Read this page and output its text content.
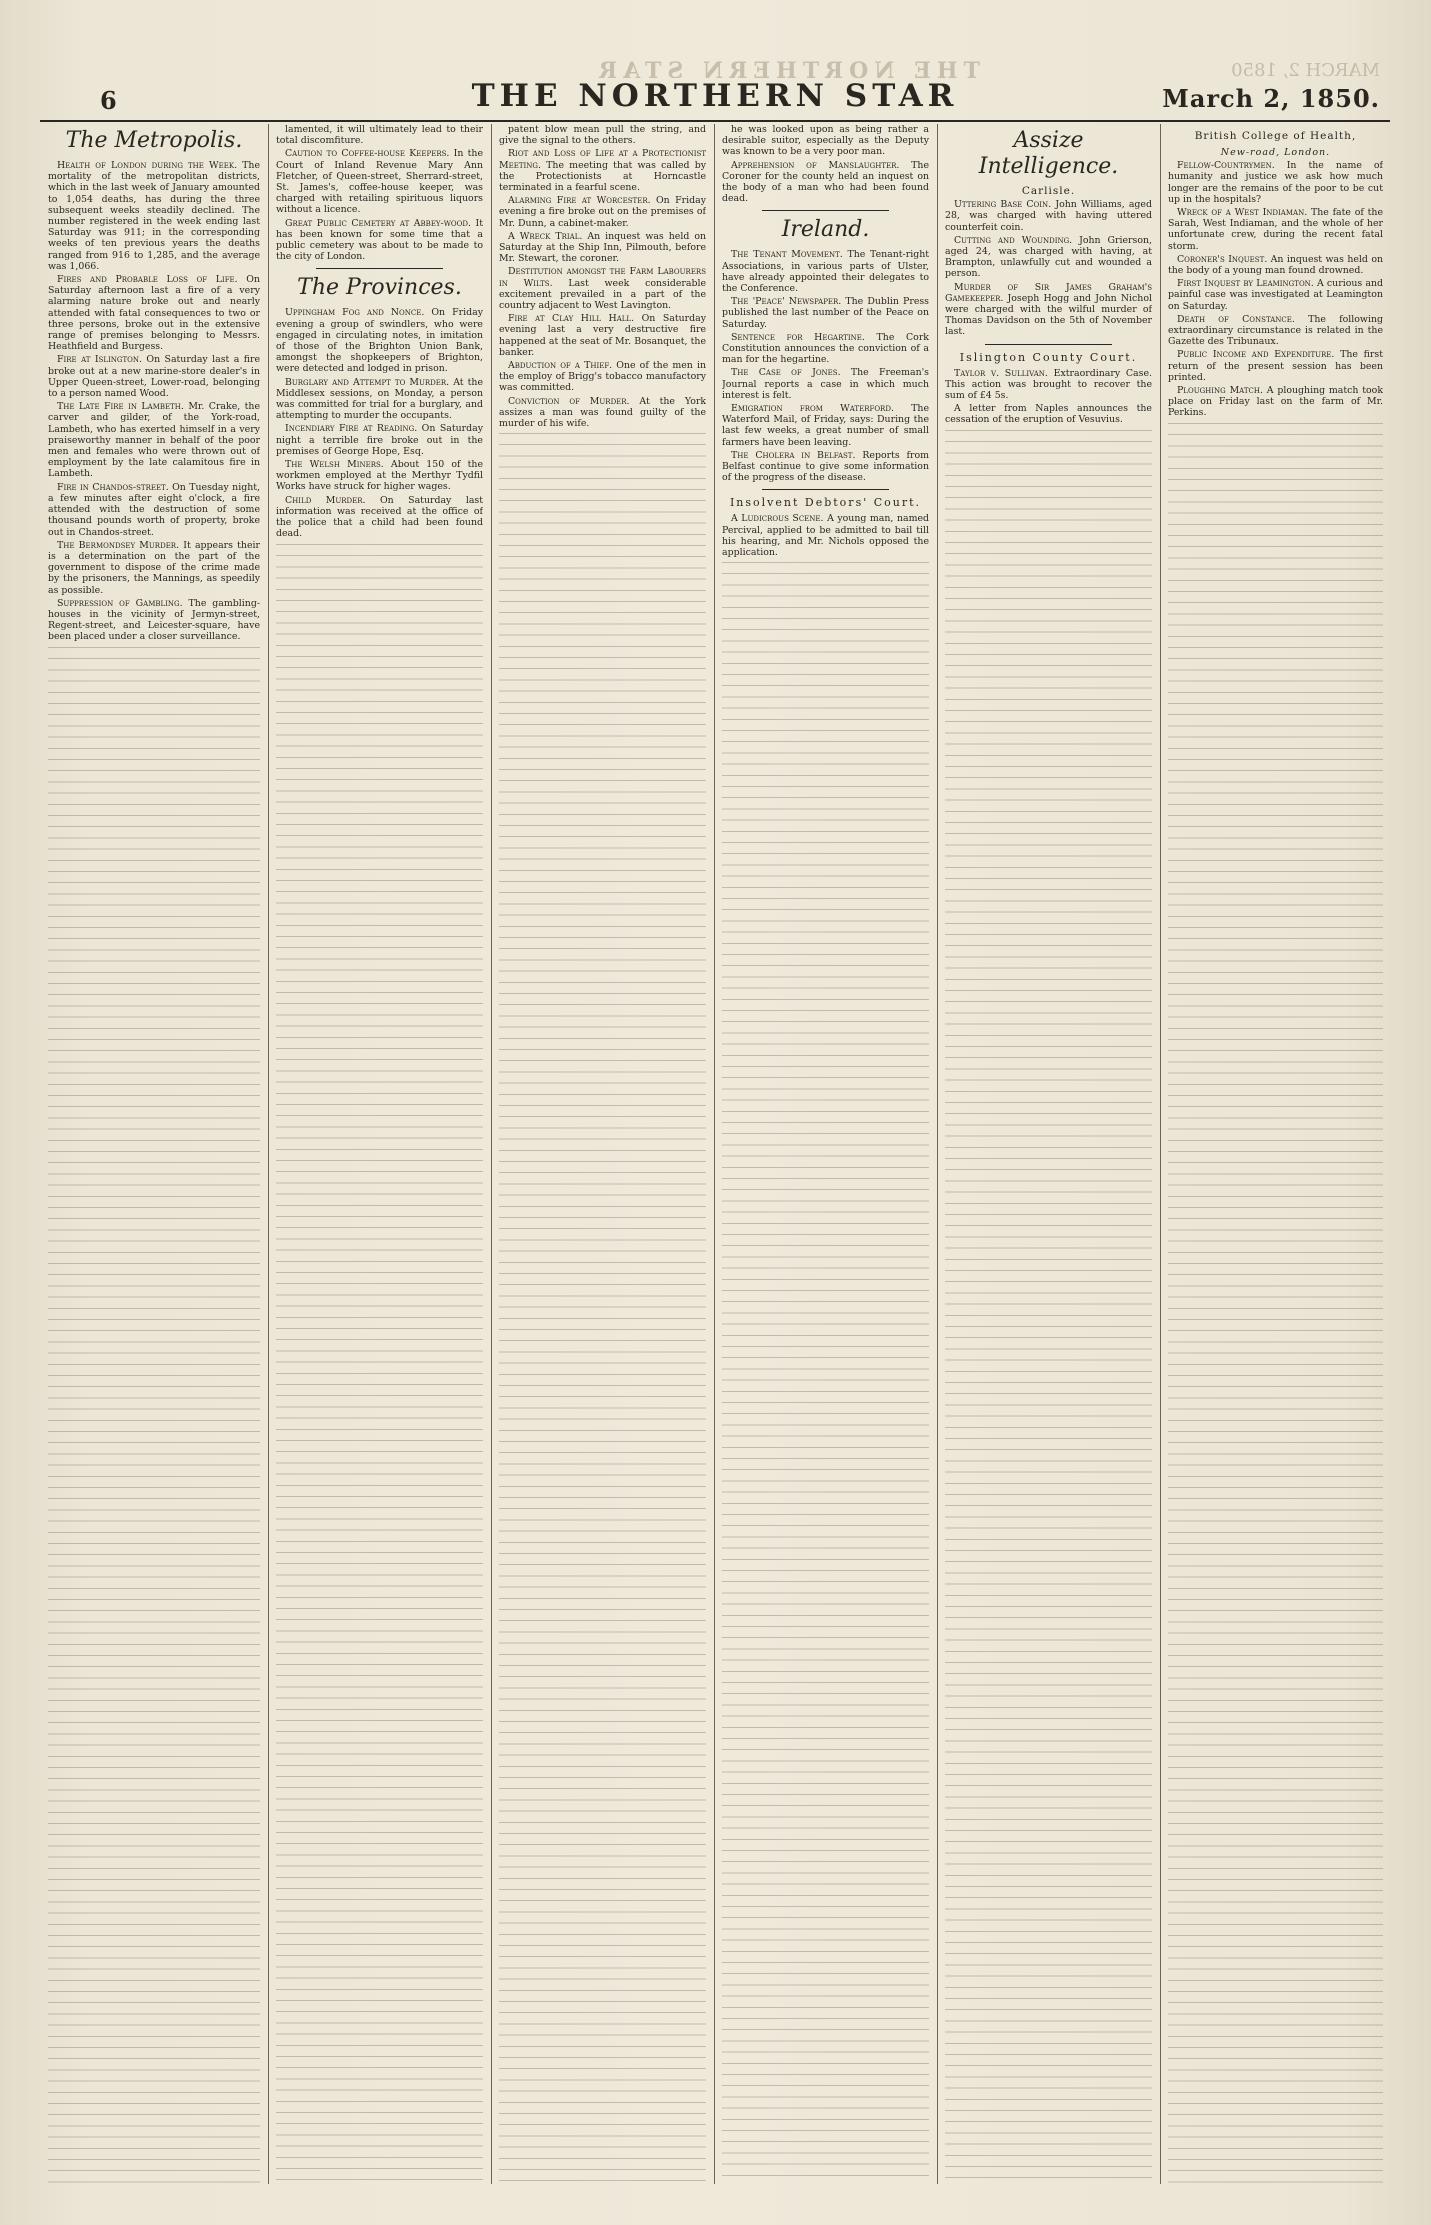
THE NORTHERN STAR	MARCH 2, 1850
6	THE NORTHERN STAR	March 2, 1850.
The Metropolis.

Health of London during the Week. The mortality of the metropolitan districts, which in the last week of January amounted to 1,054 deaths, has during the three subsequent weeks steadily declined. The number registered in the week ending last Saturday was 911; in the corresponding weeks of ten previous years the deaths ranged from 916 to 1,285, and the average was 1,066.

Fires and Probable Loss of Life. On Saturday afternoon last a fire of a very alarming nature broke out and nearly attended with fatal consequences to two or three persons, broke out in the extensive range of premises belonging to Messrs. Heathfield and Burgess.

Fire at Islington. On Saturday last a fire broke out at a new marine-store dealer's in Upper Queen-street, Lower-road, belonging to a person named Wood.

The Late Fire in Lambeth. Mr. Crake, the carver and gilder, of the York-road, Lambeth, who has exerted himself in a very praiseworthy manner in behalf of the poor men and females who were thrown out of employment by the late calamitous fire in Lambeth.

Fire in Chandos-street. On Tuesday night, a few minutes after eight o'clock, a fire attended with the destruction of some thousand pounds worth of property, broke out in Chandos-street.

The Bermondsey Murder. It appears their is a determination on the part of the government to dispose of the crime made by the prisoners, the Mannings, as speedily as possible.

Suppression of Gambling. The gambling-houses in the vicinity of Jermyn-street, Regent-street, and Leicester-square, have been placed under a closer surveillance.

lamented, it will ultimately lead to their total discomfiture.

Caution to Coffee-house Keepers. In the Court of Inland Revenue Mary Ann Fletcher, of Queen-street, Sherrard-street, St. James's, coffee-house keeper, was charged with retailing spirituous liquors without a licence.

Great Public Cemetery at Abbey-wood. It has been known for some time that a public cemetery was about to be made to the city of London.

The Provinces.

Uppingham Fog and Nonce. On Friday evening a group of swindlers, who were engaged in circulating notes, in imitation of those of the Brighton Union Bank, amongst the shopkeepers of Brighton, were detected and lodged in prison.

Burglary and Attempt to Murder. At the Middlesex sessions, on Monday, a person was committed for trial for a burglary, and attempting to murder the occupants.

Incendiary Fire at Reading. On Saturday night a terrible fire broke out in the premises of George Hope, Esq.

The Welsh Miners. About 150 of the workmen employed at the Merthyr Tydfil Works have struck for higher wages.

Child Murder. On Saturday last information was received at the office of the police that a child had been found dead.

patent blow mean pull the string, and give the signal to the others.

Riot and Loss of Life at a Protectionist Meeting. The meeting that was called by the Protectionists at Horncastle terminated in a fearful scene.

Alarming Fire at Worcester. On Friday evening a fire broke out on the premises of Mr. Dunn, a cabinet-maker.

A Wreck Trial. An inquest was held on Saturday at the Ship Inn, Pilmouth, before Mr. Stewart, the coroner.

Destitution amongst the Farm Labourers in Wilts. Last week considerable excitement prevailed in a part of the country adjacent to West Lavington.

Fire at Clay Hill Hall. On Saturday evening last a very destructive fire happened at the seat of Mr. Bosanquet, the banker.

Abduction of a Thief. One of the men in the employ of Brigg's tobacco manufactory was committed.

Conviction of Murder. At the York assizes a man was found guilty of the murder of his wife.

he was looked upon as being rather a desirable suitor, especially as the Deputy was known to be a very poor man.

Apprehension of Manslaughter. The Coroner for the county held an inquest on the body of a man who had been found dead.

Ireland.

The Tenant Movement. The Tenant-right Associations, in various parts of Ulster, have already appointed their delegates to the Conference.

The 'Peace' Newspaper. The Dublin Press published the last number of the Peace on Saturday.

Sentence for Hegartine. The Cork Constitution announces the conviction of a man for the hegartine.

The Case of Jones. The Freeman's Journal reports a case in which much interest is felt.

Emigration from Waterford. The Waterford Mail, of Friday, says: During the last few weeks, a great number of small farmers have been leaving.

The Cholera in Belfast. Reports from Belfast continue to give some information of the progress of the disease.

Insolvent Debtors' Court.

A Ludicrous Scene. A young man, named Percival, applied to be admitted to bail till his hearing, and Mr. Nichols opposed the application.

Assize Intelligence.
Carlisle.

Uttering Base Coin. John Williams, aged 28, was charged with having uttered counterfeit coin.

Cutting and Wounding. John Grierson, aged 24, was charged with having, at Brampton, unlawfully cut and wounded a person.

Murder of Sir James Graham's Gamekeeper. Joseph Hogg and John Nichol were charged with the wilful murder of Thomas Davidson on the 5th of November last.

Islington County Court.

Taylor v. Sullivan. Extraordinary Case. This action was brought to recover the sum of £4 5s.

A letter from Naples announces the cessation of the eruption of Vesuvius.

British College of Health,
New-road, London.

Fellow-Countrymen. In the name of humanity and justice we ask how much longer are the remains of the poor to be cut up in the hospitals?

Wreck of a West Indiaman. The fate of the Sarah, West Indiaman, and the whole of her unfortunate crew, during the recent fatal storm.

Coroner's Inquest. An inquest was held on the body of a young man found drowned.

First Inquest by Leamington. A curious and painful case was investigated at Leamington on Saturday.

Death of Constance. The following extraordinary circumstance is related in the Gazette des Tribunaux.

Public Income and Expenditure. The first return of the present session has been printed.

Ploughing Match. A ploughing match took place on Friday last on the farm of Mr. Perkins.
